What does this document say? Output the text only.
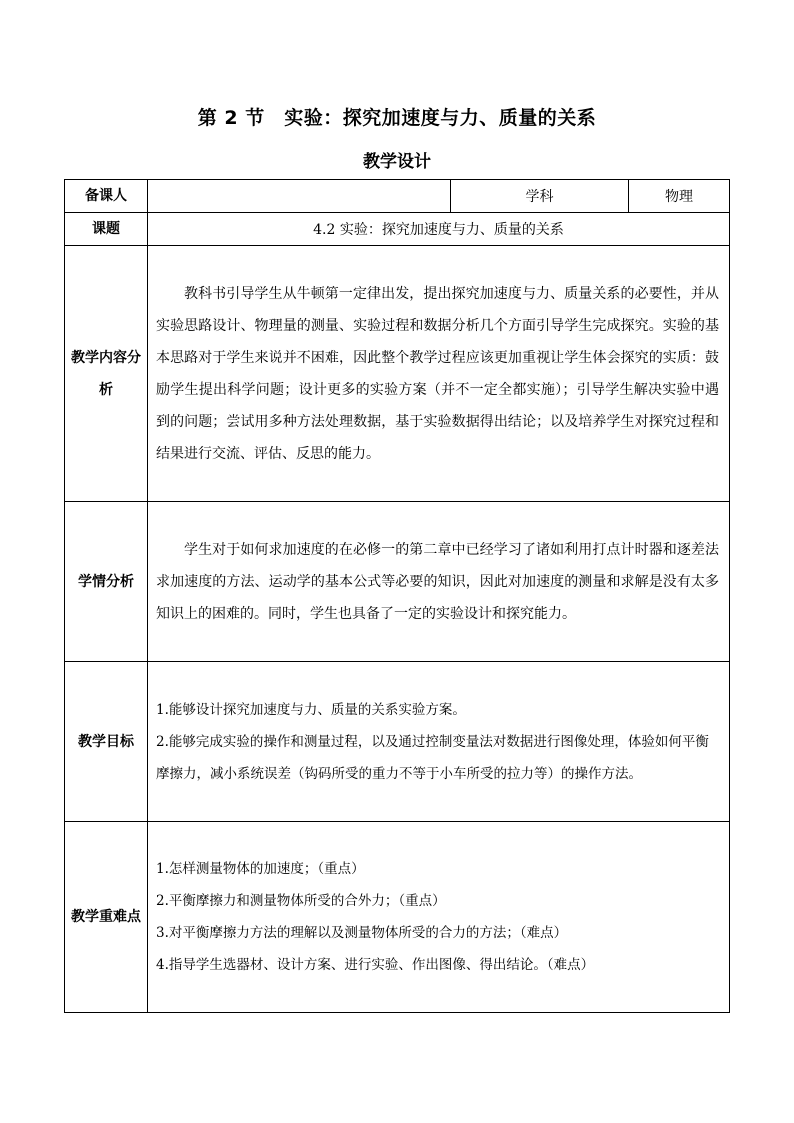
第 2 节　实验：探究加速度与力、质量的关系
教学设计
备课人		学科	物理
课题	4.2 实验：探究加速度与力、质量的关系		
教学内容分析	教科书引导学生从牛顿第一定律出发，提出探究加速度与力、质量关系的必要性，并从实验思路设计、物理量的测量、实验过程和数据分析几个方面引导学生完成探究。实验的基本思路对于学生来说并不困难，因此整个教学过程应该更加重视让学生体会探究的实质：鼓励学生提出科学问题；设计更多的实验方案（并不一定全都实施）；引导学生解决实验中遇到的问题；尝试用多种方法处理数据，基于实验数据得出结论；以及培养学生对探究过程和结果进行交流、评估、反思的能力。		

学情分析	学生对于如何求加速度的在必修一的第二章中已经学习了诸如利用打点计时器和逐差法求加速度的方法、运动学的基本公式等必要的知识，因此对加速度的测量和求解是没有太多知识上的困难的。同时，学生也具备了一定的实验设计和探究能力。		

教学目标	1.能够设计探究加速度与力、质量的关系实验方案。
2.能够完成实验的操作和测量过程，以及通过控制变量法对数据进行图像处理，体验如何平衡摩擦力，减小系统误差（钩码所受的重力不等于小车所受的拉力等）的操作方法。		

教学重难点	1.怎样测量物体的加速度；（重点）
2.平衡摩擦力和测量物体所受的合外力；（重点）
3.对平衡摩擦力方法的理解以及测量物体所受的合力的方法；（难点）
4.指导学生选器材、设计方案、进行实验、作出图像、得出结论。（难点）		
